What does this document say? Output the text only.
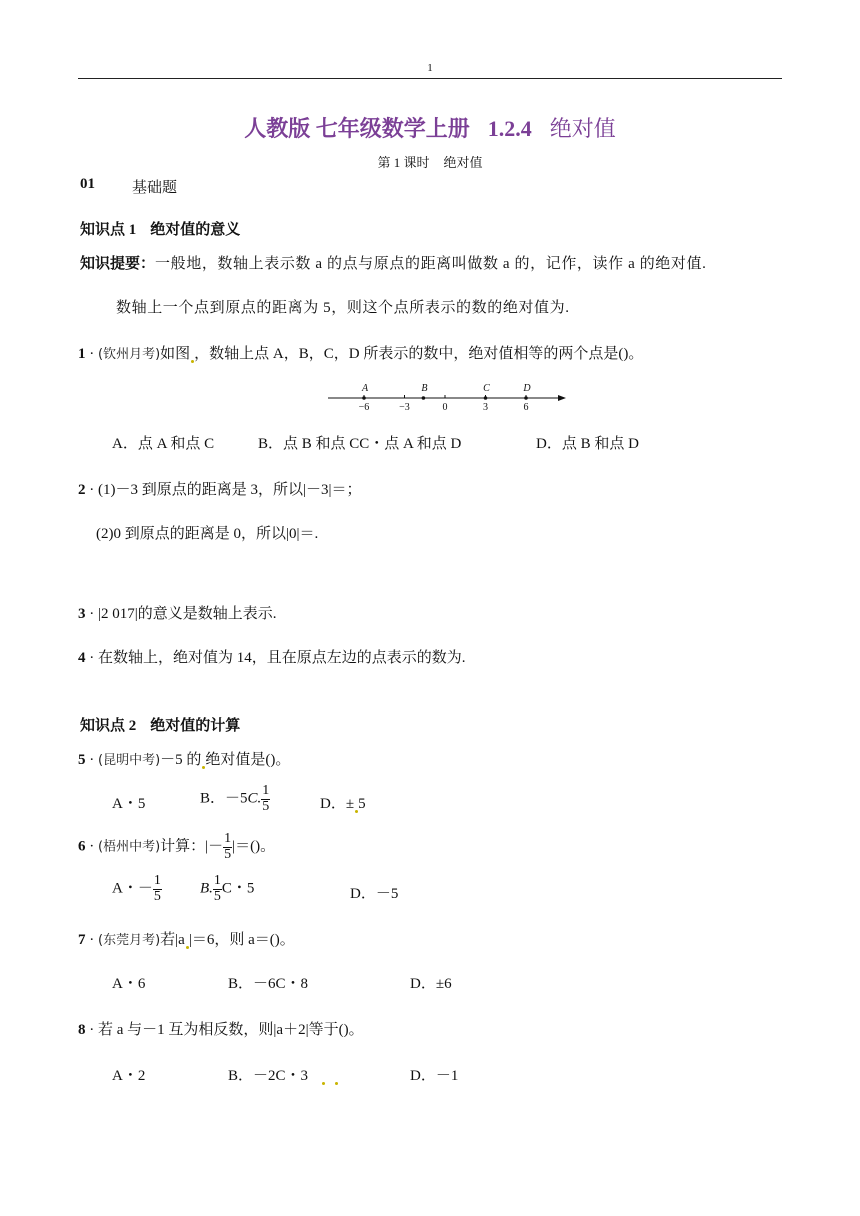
1
人教版 七年级数学上册 1.2.4 绝对值
第 1 课时 绝对值
01 基础题
知识点 1 绝对值的意义
知识提要：一般地，数轴上表示数 a 的点与原点的距离叫做数 a 的，记作，读作 a 的绝对值.
数轴上一个点到原点的距离为 5，则这个点所表示的数的绝对值为.
1 · (钦州月考)如图 ，数轴上点 A，B，C，D 所表示的数中，绝对值相等的两个点是()。
−6	−3	0	3	6
A	B	C	D
A．点 A 和点 C	B．点 B 和点 CC・点 A 和点 D	D．点 B 和点 D
2 · (1)－3 到原点的距离是 3，所以|－3|＝；
(2)0 到原点的距离是 0，所以|0|＝.
3 · |2 017|的意义是数轴上表示.
4 · 在数轴上，绝对值为 14，且在原点左边的点表示的数为.
知识点 2 绝对值的计算
5 · (昆明中考)－5 的 绝对值是()。
A・5	B．－5C. $\frac{1}{5}$	D．± 5
6 · (梧州中考)计算：|－ $\frac{1}{5}$ |＝()。
A・－ $\frac{1}{5}$	B. $\frac{1}{5}$ C・5	D．－5
7 · (东莞月考)若|a |＝6，则 a＝()。
A・6	B．－6C・8	D．±6
8 · 若 a 与－1 互为相反数，则|a＋2|等于()。
A・2	B．－2C・3	D．－1
